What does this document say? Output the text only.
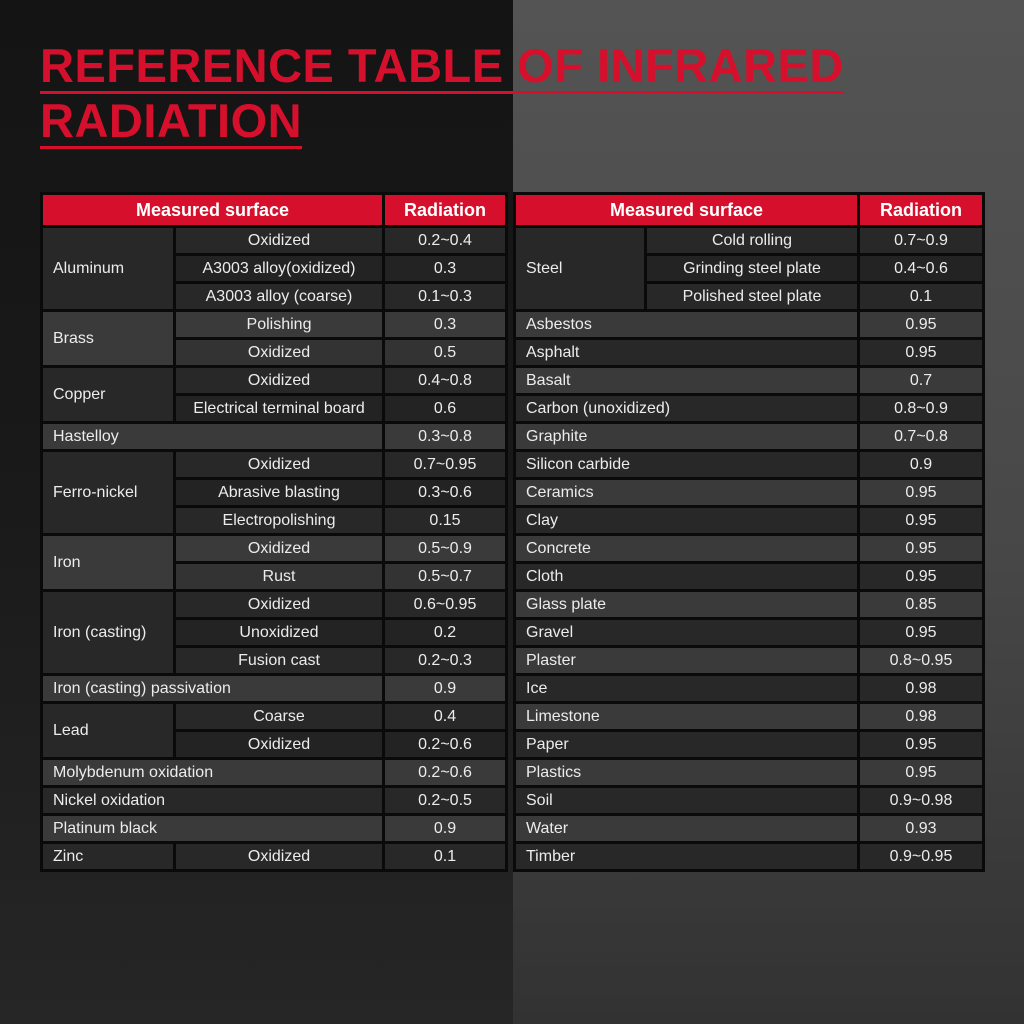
REFERENCE TABLE OF INFRARED
RADIATION
Measured surface	Radiation
Aluminum
Oxidized	0.2~0.4
A3003 alloy(oxidized)	0.3
A3003 alloy (coarse)	0.1~0.3
Brass
Polishing	0.3
Oxidized	0.5
Copper
Oxidized	0.4~0.8
Electrical terminal board	0.6
Hastelloy	0.3~0.8
Ferro-nickel
Oxidized	0.7~0.95
Abrasive blasting	0.3~0.6
Electropolishing	0.15
Iron
Oxidized	0.5~0.9
Rust	0.5~0.7
Iron (casting)
Oxidized	0.6~0.95
Unoxidized	0.2
Fusion cast	0.2~0.3
Iron (casting) passivation	0.9
Lead
Coarse	0.4
Oxidized	0.2~0.6
Molybdenum oxidation	0.2~0.6
Nickel oxidation	0.2~0.5
Platinum black	0.9
Zinc	Oxidized	0.1
Measured surface	Radiation
Steel
Cold rolling	0.7~0.9
Grinding steel plate	0.4~0.6
Polished steel plate	0.1
Asbestos	0.95
Asphalt	0.95
Basalt	0.7
Carbon (unoxidized)	0.8~0.9
Graphite	0.7~0.8
Silicon carbide	0.9
Ceramics	0.95
Clay	0.95
Concrete	0.95
Cloth	0.95
Glass plate	0.85
Gravel	0.95
Plaster	0.8~0.95
Ice	0.98
Limestone	0.98
Paper	0.95
Plastics	0.95
Soil	0.9~0.98
Water	0.93
Timber	0.9~0.95
